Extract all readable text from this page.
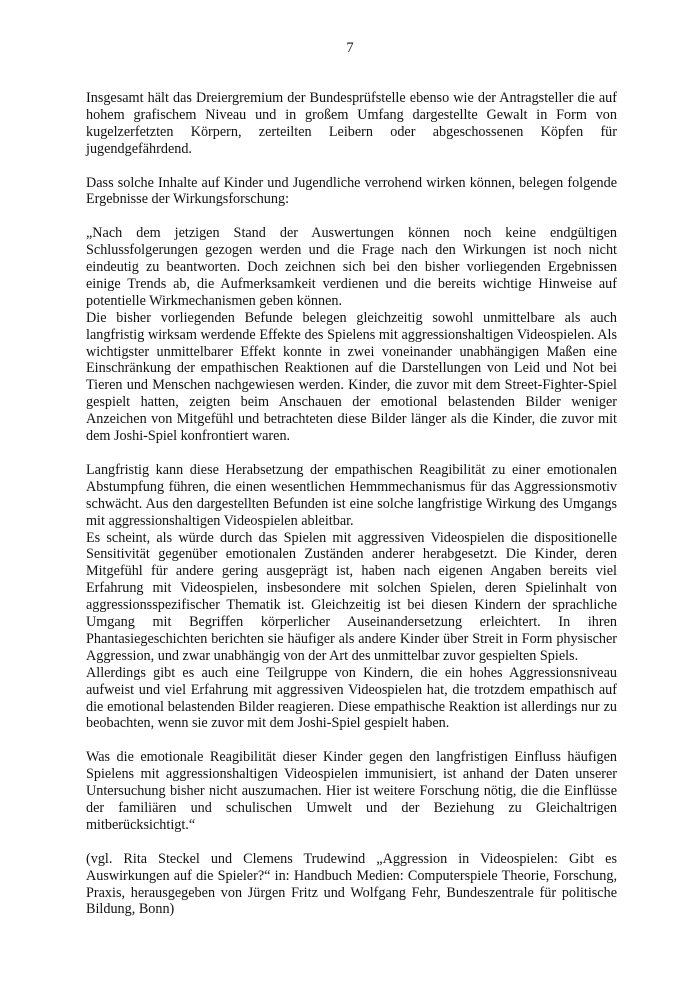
7

Insgesamt hält das Dreiergremium der Bundesprüfstelle ebenso wie der Antragsteller die auf hohem grafischem Niveau und in großem Umfang dargestellte Gewalt in Form von kugelzerfetzten Körpern, zerteilten Leibern oder abgeschossenen Köpfen für jugendgefährdend.

Dass solche Inhalte auf Kinder und Jugendliche verrohend wirken können, belegen folgende Ergebnisse der Wirkungsforschung:

„Nach dem jetzigen Stand der Auswertungen können noch keine endgültigen Schlussfolgerungen gezogen werden und die Frage nach den Wirkungen ist noch nicht eindeutig zu beantworten. Doch zeichnen sich bei den bisher vorliegenden Ergebnissen einige Trends ab, die Aufmerksamkeit verdienen und die bereits wichtige Hinweise auf potentielle Wirkmechanismen geben können.

Die bisher vorliegenden Befunde belegen gleichzeitig sowohl unmittelbare als auch langfristig wirksam werdende Effekte des Spielens mit aggressionshaltigen Videospielen. Als wichtigster unmittelbarer Effekt konnte in zwei voneinander unabhängigen Maßen eine Einschränkung der empathischen Reaktionen auf die Darstellungen von Leid und Not bei Tieren und Menschen nachgewiesen werden. Kinder, die zuvor mit dem Street-Fighter-Spiel gespielt hatten, zeigten beim Anschauen der emotional belastenden Bilder weniger Anzeichen von Mitgefühl und betrachteten diese Bilder länger als die Kinder, die zuvor mit dem Joshi-Spiel konfrontiert waren.

Langfristig kann diese Herabsetzung der empathischen Reagibilität zu einer emotionalen Abstumpfung führen, die einen wesentlichen Hemmmechanismus für das Aggressionsmotiv schwächt. Aus den dargestellten Befunden ist eine solche langfristige Wirkung des Umgangs mit aggressionshaltigen Videospielen ableitbar.

Es scheint, als würde durch das Spielen mit aggressiven Videospielen die dispositionelle Sensitivität gegenüber emotionalen Zuständen anderer herabgesetzt. Die Kinder, deren Mitgefühl für andere gering ausgeprägt ist, haben nach eigenen Angaben bereits viel Erfahrung mit Videospielen, insbesondere mit solchen Spielen, deren Spielinhalt von aggressionsspezifischer Thematik ist. Gleichzeitig ist bei diesen Kindern der sprachliche Umgang mit Begriffen körperlicher Auseinandersetzung erleichtert. In ihren Phantasiegeschichten berichten sie häufiger als andere Kinder über Streit in Form physischer Aggression, und zwar unabhängig von der Art des unmittelbar zuvor gespielten Spiels.

Allerdings gibt es auch eine Teilgruppe von Kindern, die ein hohes Aggressionsniveau aufweist und viel Erfahrung mit aggressiven Videospielen hat, die trotzdem empathisch auf die emotional belastenden Bilder reagieren. Diese empathische Reaktion ist allerdings nur zu beobachten, wenn sie zuvor mit dem Joshi-Spiel gespielt haben.

Was die emotionale Reagibilität dieser Kinder gegen den langfristigen Einfluss häufigen Spielens mit aggressionshaltigen Videospielen immunisiert, ist anhand der Daten unserer Untersuchung bisher nicht auszumachen. Hier ist weitere Forschung nötig, die die Einflüsse der familiären und schulischen Umwelt und der Beziehung zu Gleichaltrigen mitberücksichtigt.“

(vgl. Rita Steckel und Clemens Trudewind „Aggression in Videospielen: Gibt es Auswirkungen auf die Spieler?“ in: Handbuch Medien: Computerspiele Theorie, Forschung, Praxis, herausgegeben von Jürgen Fritz und Wolfgang Fehr, Bundeszentrale für politische Bildung, Bonn)
